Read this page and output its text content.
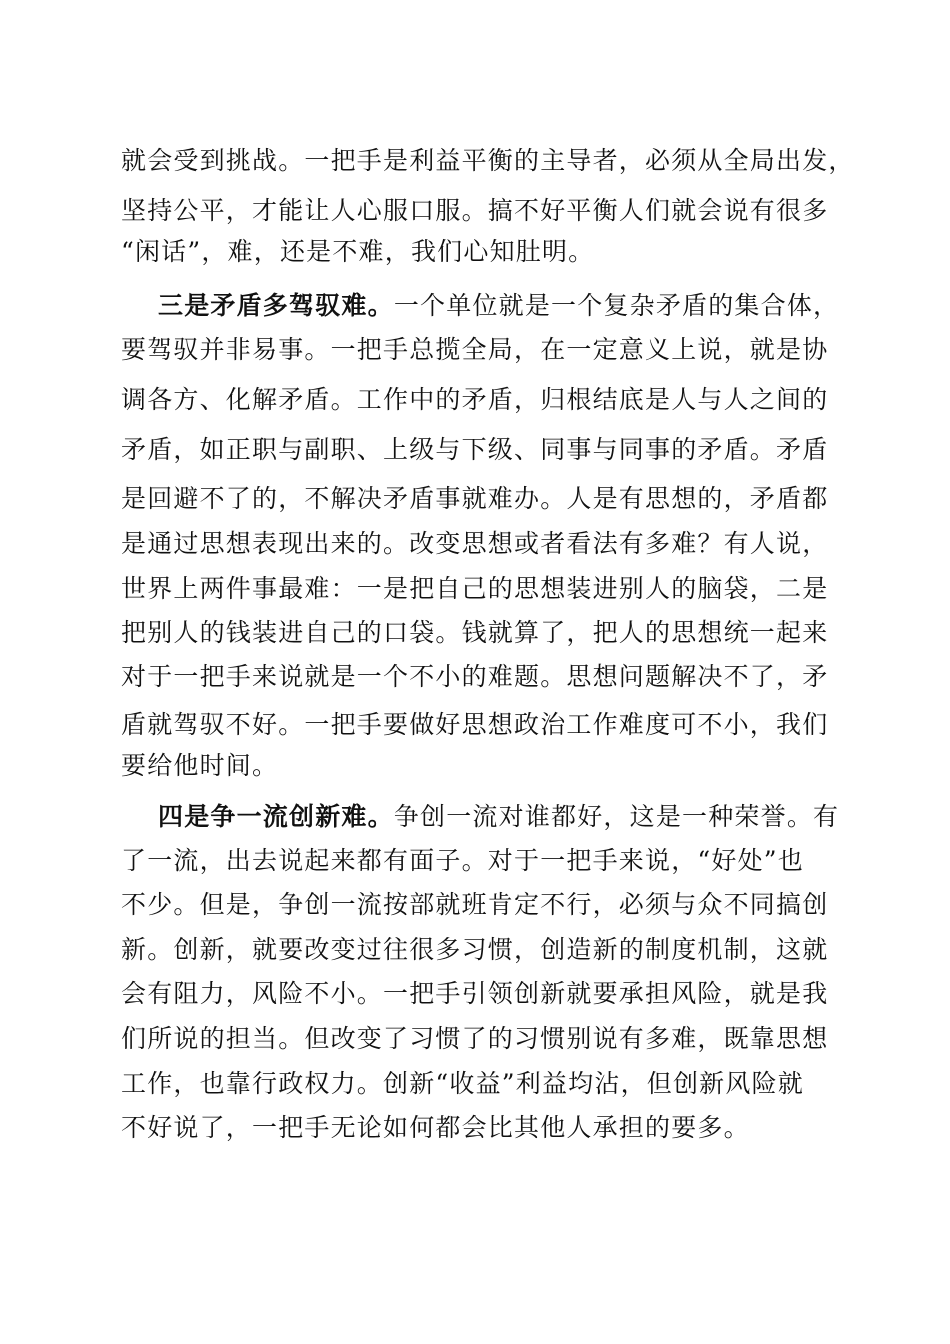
就会受到挑战。一把手是利益平衡的主导者，必须从全局出发，
坚持公平，才能让人心服口服。搞不好平衡人们就会说有很多
“闲话”，难，还是不难，我们心知肚明。
三是矛盾多驾驭难。一个单位就是一个复杂矛盾的集合体，
要驾驭并非易事。一把手总揽全局，在一定意义上说，就是协
调各方、化解矛盾。工作中的矛盾，归根结底是人与人之间的
矛盾，如正职与副职、上级与下级、同事与同事的矛盾。矛盾
是回避不了的，不解决矛盾事就难办。人是有思想的，矛盾都
是通过思想表现出来的。改变思想或者看法有多难？有人说，
世界上两件事最难：一是把自己的思想装进别人的脑袋，二是
把别人的钱装进自己的口袋。钱就算了，把人的思想统一起来
对于一把手来说就是一个不小的难题。思想问题解决不了，矛
盾就驾驭不好。一把手要做好思想政治工作难度可不小，我们
要给他时间。
四是争一流创新难。争创一流对谁都好，这是一种荣誉。有
了一流，出去说起来都有面子。对于一把手来说，“好处”也
不少。但是，争创一流按部就班肯定不行，必须与众不同搞创
新。创新，就要改变过往很多习惯，创造新的制度机制，这就
会有阻力，风险不小。一把手引领创新就要承担风险，就是我
们所说的担当。但改变了习惯了的习惯别说有多难，既靠思想
工作，也靠行政权力。创新“收益”利益均沾，但创新风险就
不好说了，一把手无论如何都会比其他人承担的要多。
